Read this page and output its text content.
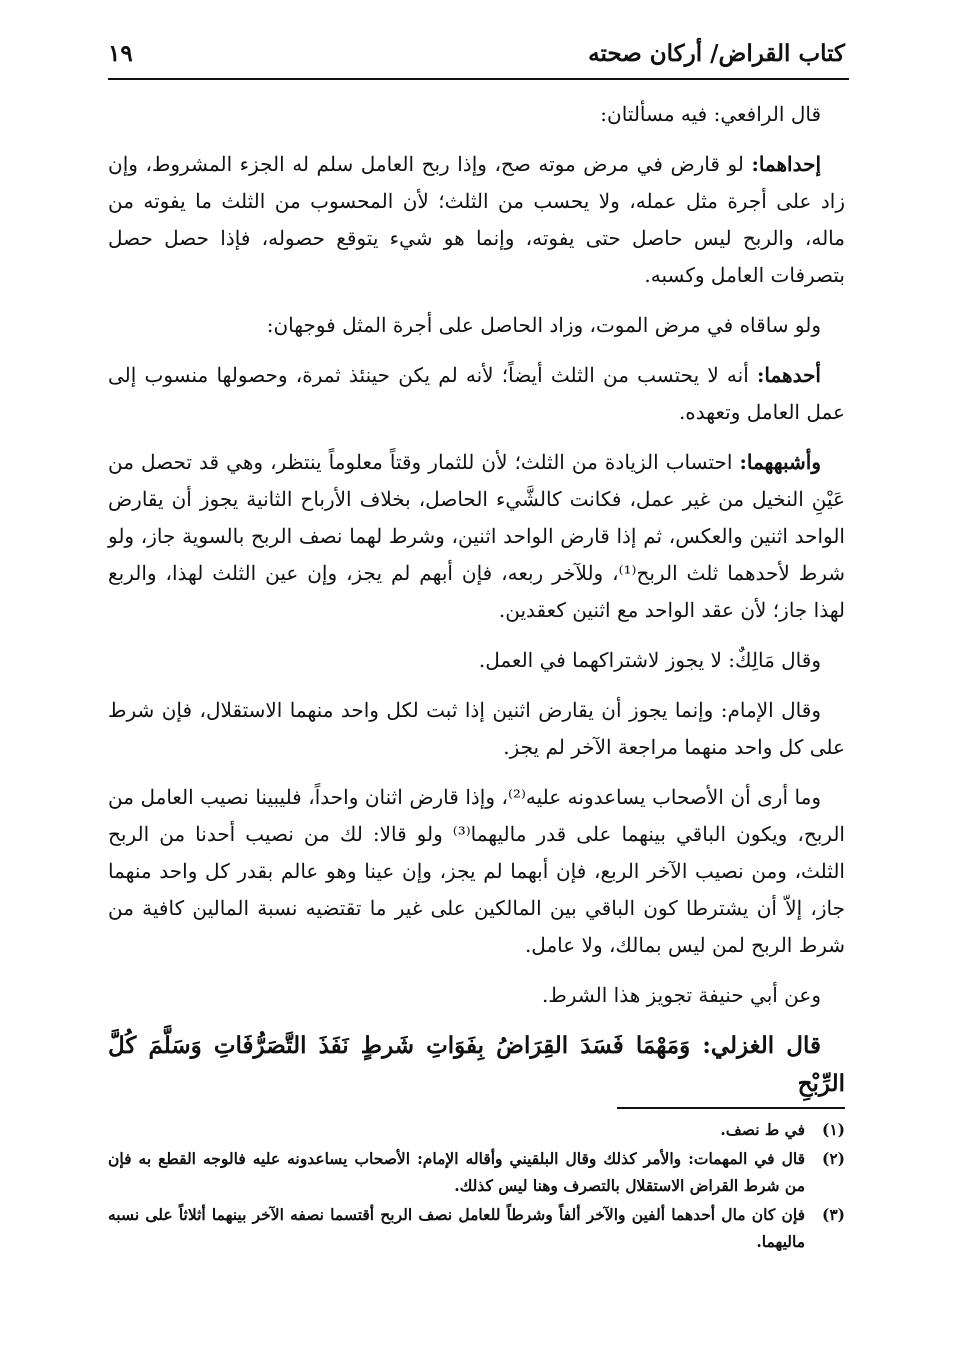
كتاب القراض/ أركان صحته
١٩

قال الرافعي: فيه مسألتان:

إحداهما: لو قارض في مرض موته صح، وإذا ربح العامل سلم له الجزء المشروط، وإن زاد على أجرة مثل عمله، ولا يحسب من الثلث؛ لأن المحسوب من الثلث ما يفوته من ماله، والربح ليس حاصل حتى يفوته، وإنما هو شيء يتوقع حصوله، فإذا حصل حصل بتصرفات العامل وكسبه.

ولو ساقاه في مرض الموت، وزاد الحاصل على أجرة المثل فوجهان:

أحدهما: أنه لا يحتسب من الثلث أيضاً؛ لأنه لم يكن حينئذ ثمرة، وحصولها منسوب إلى عمل العامل وتعهده.

وأشبههما: احتساب الزيادة من الثلث؛ لأن للثمار وقتاً معلوماً ينتظر، وهي قد تحصل من عَيْنِ النخيل من غير عمل، فكانت كالشَّيء الحاصل، بخلاف الأرباح الثانية يجوز أن يقارض الواحد اثنين والعكس، ثم إذا قارض الواحد اثنين، وشرط لهما نصف الربح بالسوية جاز، ولو شرط لأحدهما ثلث الربح⁽¹⁾، وللآخر ربعه، فإن أبهم لم يجز، وإن عين الثلث لهذا، والربع لهذا جاز؛ لأن عقد الواحد مع اثنين كعقدين.

وقال مَالِكٌ: لا يجوز لاشتراكهما في العمل.

وقال الإمام: وإنما يجوز أن يقارض اثنين إذا ثبت لكل واحد منهما الاستقلال، فإن شرط على كل واحد منهما مراجعة الآخر لم يجز.

وما أرى أن الأصحاب يساعدونه عليه⁽²⁾، وإذا قارض اثنان واحداً، فليبينا نصيب العامل من الربح، ويكون الباقي بينهما على قدر ماليهما⁽³⁾ ولو قالا: لك من نصيب أحدنا من الربح الثلث، ومن نصيب الآخر الربع، فإن أبهما لم يجز، وإن عينا وهو عالم بقدر كل واحد منهما جاز، إلاّ أن يشترطا كون الباقي بين المالكين على غير ما تقتضيه نسبة المالين كافية من شرط الربح لمن ليس بمالك، ولا عامل.

وعن أبي حنيفة تجويز هذا الشرط.

قال الغزلي: وَمَهْمَا فَسَدَ القِرَاضُ بِفَوَاتِ شَرطٍ نَفَذَ التَّصَرُّفَاتِ وَسَلَّمَ كُلَّ الرِّبْحِ

(١)
في ط نصف.
(٢)
قال في المهمات: والأمر كذلك وقال البلقيني وأقاله الإمام: الأصحاب يساعدونه عليه فالوجه القطع به فإن من شرط القراض الاستقلال بالتصرف وهنا ليس كذلك.
(٣)
فإن كان مال أحدهما ألفين والآخر ألفاً وشرطاً للعامل نصف الربح أقتسما نصفه الآخر بينهما أثلاثاً على نسبه ماليهما.
